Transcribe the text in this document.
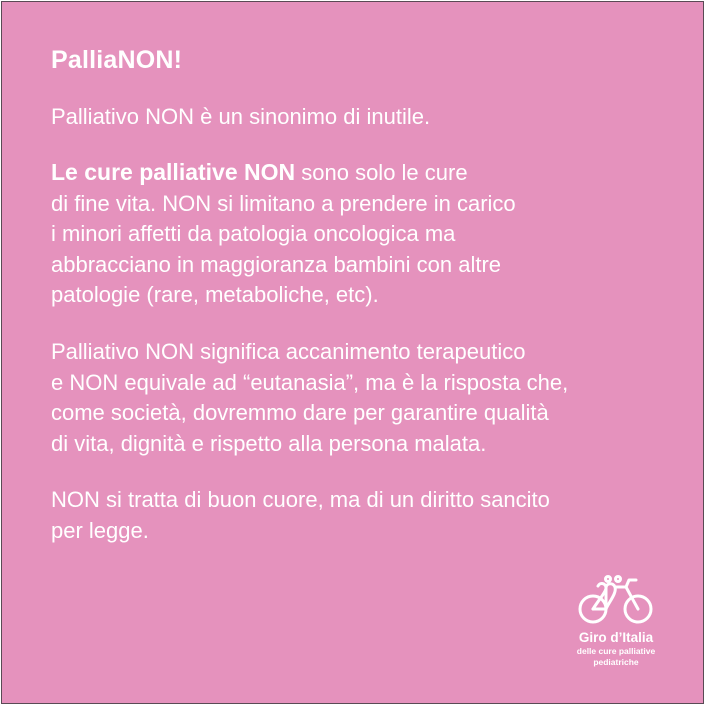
PalliaNON!
Palliativo NON è un sinonimo di inutile.
Le cure palliative NON sono solo le cure
di fine vita. NON si limitano a prendere in carico
i minori affetti da patologia oncologica ma
abbracciano in maggioranza bambini con altre
patologie (rare, metaboliche, etc).
Palliativo NON significa accanimento terapeutico
e NON equivale ad “eutanasia”, ma è la risposta che,
come società, dovremmo dare per garantire qualità
di vita, dignità e rispetto alla persona malata.
NON si tratta di buon cuore, ma di un diritto sancito
per legge.
Giro d’Italia
delle cure palliative
pediatriche
